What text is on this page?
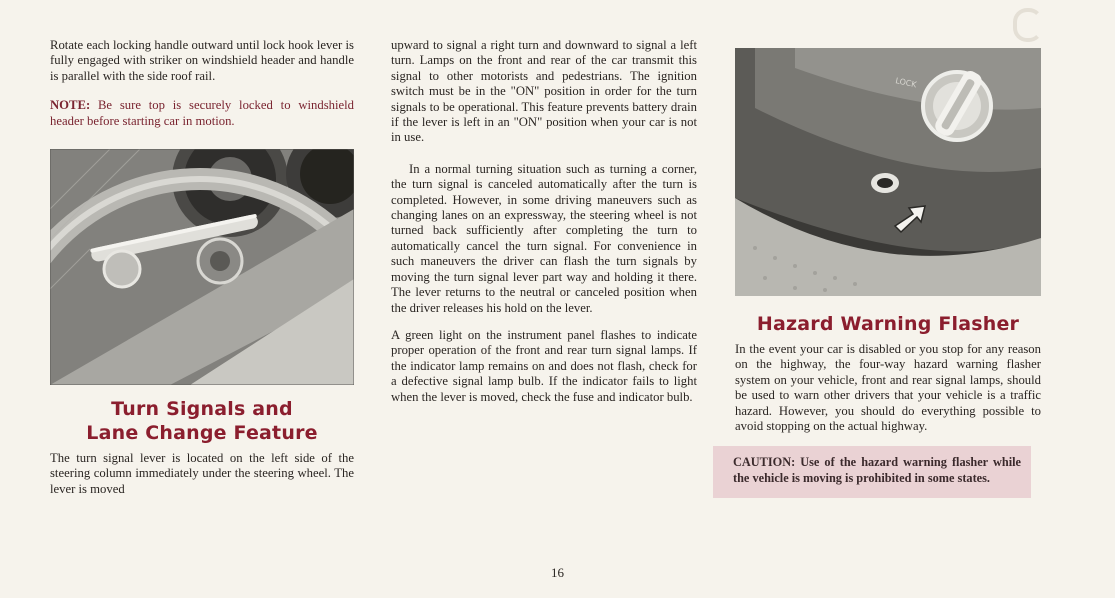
Rotate each locking handle outward until lock hook lever is fully engaged with striker on windshield header and handle is parallel with the side roof rail.

NOTE: Be sure top is securely locked to windshield header before starting car in motion.

Turn Signals and
Lane Change Feature

The turn signal lever is located on the left side of the steering column immediately under the steering wheel. The lever is moved

upward to signal a right turn and downward to signal a left turn. Lamps on the front and rear of the car transmit this signal to other motorists and pedestrians. The ignition switch must be in the "ON" position in order for the turn signals to be operational. This feature prevents battery drain if the lever is left in an "ON" position when your car is not in use.

In a normal turning situation such as turning a corner, the turn signal is canceled automatically after the turn is completed. However, in some driving maneuvers such as changing lanes on an expressway, the steering wheel is not turned back sufficiently after completing the turn to automatically cancel the turn signal. For convenience in such maneuvers the driver can flash the turn signals by moving the turn signal lever part way and holding it there. The lever returns to the neutral or canceled position when the driver releases his hold on the lever.

A green light on the instrument panel flashes to indicate proper operation of the front and rear turn signal lamps. If the indicator lamp remains on and does not flash, check for a defective signal lamp bulb. If the indicator fails to light when the lever is moved, check the fuse and indicator bulb.

LOCK
Hazard Warning Flasher

In the event your car is disabled or you stop for any reason on the highway, the four-way hazard warning flasher system on your vehicle, front and rear signal lamps, should be used to warn other drivers that your vehicle is a traffic hazard. However, you should do everything possible to avoid stopping on the actual highway.

CAUTION: Use of the hazard warning flasher while the vehicle is moving is prohibited in some states.

16
